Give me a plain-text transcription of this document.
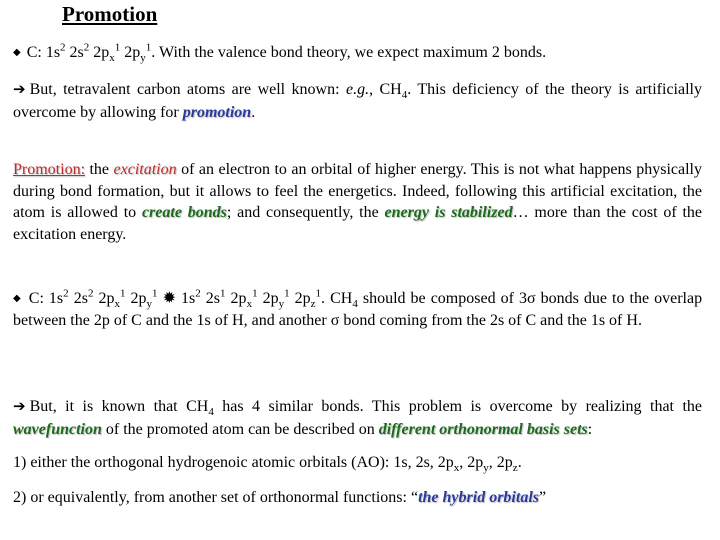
Promotion
◆ C: $1s^2$ $2s^2$ $2p_x^1$ $2p_y^1$. With the valence bond theory, we expect maximum 2 bonds.
➔ But, tetravalent carbon atoms are well known: e.g., $CH_4$. This deficiency of the theory is artificially overcome by allowing for promotion.
Promotion: the excitation of an electron to an orbital of higher energy. This is not what happens physically during bond formation, but it allows to feel the energetics. Indeed, following this artificial excitation, the atom is allowed to create bonds; and consequently, the energy is stabilized… more than the cost of the excitation energy.
◆ C: $1s^2$ $2s^2$ $2p_x^1$ $2p_y^1$ ✹ $1s^2$ $2s^1$ $2p_x^1$ $2p_y^1$ $2p_z^1$. $CH_4$ should be composed of 3σ bonds due to the overlap between the 2p of C and the 1s of H, and another σ bond coming from the 2s of C and the 1s of H.
➔ But, it is known that $CH_4$ has 4 similar bonds. This problem is overcome by realizing that the wavefunction of the promoted atom can be described on different orthonormal basis sets:
1) either the orthogonal hydrogenoic atomic orbitals (AO): 1s, 2s, $2p_x$, $2p_y$, $2p_z$.
2) or equivalently, from another set of orthonormal functions: “the hybrid orbitals”
